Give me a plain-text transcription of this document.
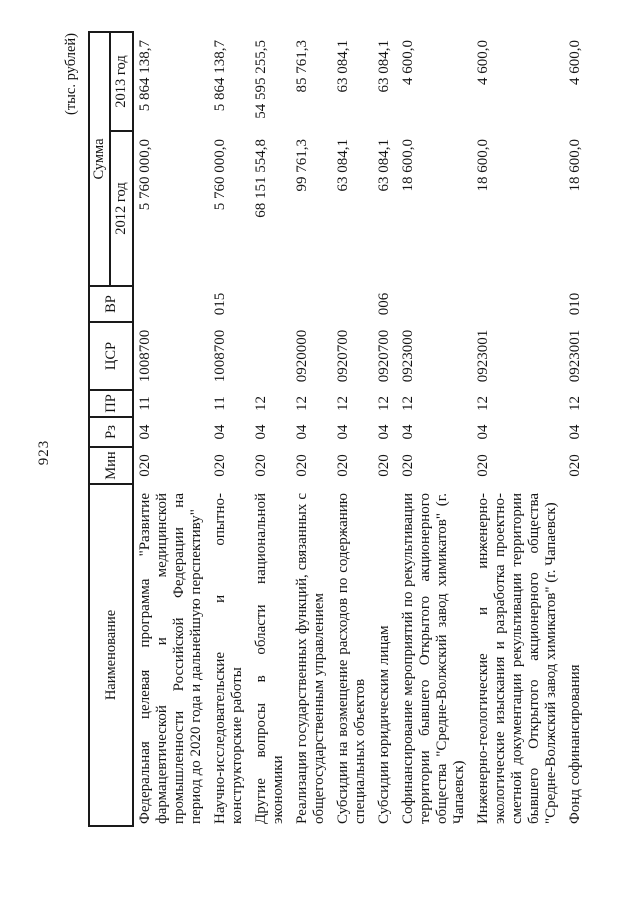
923
(тыс. рублей)
Наименование	Мин	Рз	ПР	ЦСР	ВР	Сумма	
						2012 год	2013 год
Федеральная целевая программа "Развитие фармацевтической и медицинской промышленности Российской Федерации на период до 2020 года и дальнейшую перспективу"	020	04	11	1008700		5 760 000,0	5 864 138,7
Научно-исследовательские и опытно-конструкторские работы	020	04	11	1008700	015	5 760 000,0	5 864 138,7
Другие вопросы в области национальной экономики	020	04	12			68 151 554,8	54 595 255,5
Реализация государственных функций, связанных с общегосударственным управлением	020	04	12	0920000		99 761,3	85 761,3
Субсидии на возмещение расходов по содержанию специальных объектов	020	04	12	0920700		63 084,1	63 084,1
Субсидии юридическим лицам	020	04	12	0920700	006	63 084,1	63 084,1
Софинансирование мероприятий по рекультивации территории бывшего Открытого акционерного общества "Средне-Волжский завод химикатов" (г. Чапаевск)	020	04	12	0923000		18 600,0	4 600,0
Инженерно-геологические и инженерно-экологические изыскания и разработка проектно-сметной документации рекультивации территории бывшего Открытого акционерного общества "Средне-Волжский завод химикатов" (г. Чапаевск)	020	04	12	0923001		18 600,0	4 600,0
Фонд софинансирования	020	04	12	0923001	010	18 600,0	4 600,0
